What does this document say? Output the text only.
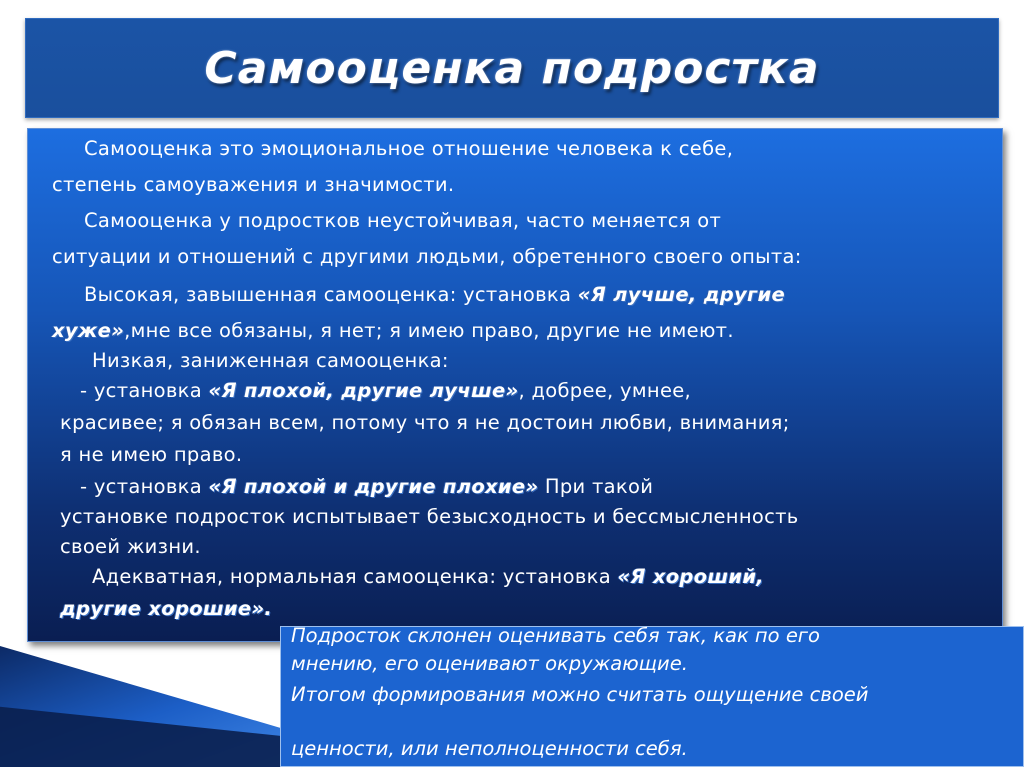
Самооценка подростка
Самооценка это эмоциональное отношение человека к себе,
степень самоуважения и значимости.
Самооценка у подростков неустойчивая, часто меняется от
ситуации и отношений с другими людьми, обретенного своего опыта:
Высокая, завышенная самооценка: установка «Я лучше, другие
хуже»,мне все обязаны, я нет; я имею право, другие не имеют.
Низкая, заниженная самооценка:
- установка «Я плохой, другие лучше», добрее, умнее,
красивее; я обязан всем, потому что я не достоин любви, внимания;
я не имею право.
- установка «Я плохой и другие плохие» При такой
установке подросток испытывает безысходность и бессмысленность
своей жизни.
Адекватная, нормальная самооценка: установка «Я хороший,
другие хорошие».
Подросток склонен оценивать себя так, как по его
мнению, его оценивают окружающие.
Итогом формирования можно считать ощущение своей
ценности, или неполноценности себя.
